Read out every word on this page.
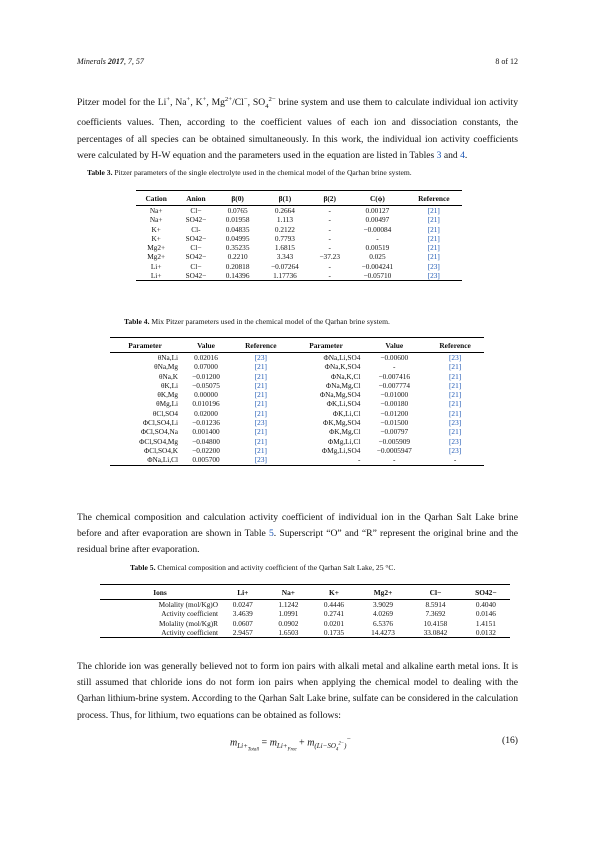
Minerals 2017, 7, 57	8 of 12
Pitzer model for the Li+, Na+, K+, $Mg^{2+}/Cl^-$, $SO_4^{2-}$ brine system and use them to calculate individual ion activity coefficients values. Then, according to the coefficient values of each ion and dissociation constants, the percentages of all species can be obtained simultaneously. In this work, the individual ion activity coefficients were calculated by H-W equation and the parameters used in the equation are listed in Tables 3 and 4.
Table 3. Pitzer parameters of the single electrolyte used in the chemical model of the Qarhan brine system.
Cation	Anion	β(0)	β(1)	β(2)	C(ϕ)	Reference
Na+	Cl−	0.0765	0.2664	-	0.00127	[21]
Na+	SO42−	0.01958	1.113	-	0.00497	[21]
K+	Cl-	0.04835	0.2122	-	−0.00084	[21]
K+	SO42−	0.04995	0.7793	-	-	[21]
Mg2+	Cl−	0.35235	1.6815	-	0.00519	[21]
Mg2+	SO42−	0.2210	3.343	−37.23	0.025	[21]
Li+	Cl−	0.20818	−0.07264	-	−0.004241	[23]
Li+	SO42−	0.14396	1.17736	-	−0.05710	[23]
Table 4. Mix Pitzer parameters used in the chemical model of the Qarhan brine system.
Parameter	Value	Reference	Parameter	Value	Reference
θNa,Li	0.02016	[23]	ΦNa,Li,SO4	−0.00600	[23]
θNa,Mg	0.07000	[21]	ΦNa,K,SO4	-	[21]
θNa,K	−0.01200	[21]	ΦNa,K,Cl	−0.007416	[21]
θK,Li	−0.05075	[21]	ΦNa,Mg,Cl	−0.007774	[21]
θK,Mg	0.00000	[21]	ΦNa,Mg,SO4	−0.01000	[21]
θMg,Li	0.010196	[21]	ΦK,Li,SO4	−0.00180	[21]
θCl,SO4	0.02000	[21]	ΦK,Li,Cl	−0.01200	[21]
ΦCl,SO4,Li	−0.01236	[23]	ΦK,Mg,SO4	−0.01500	[23]
ΦCl,SO4,Na	0.001400	[21]	ΦK,Mg,Cl	−0.00797	[21]
ΦCl,SO4,Mg	−0.04800	[21]	ΦMg,Li,Cl	−0.005909	[23]
ΦCl,SO4,K	−0.02200	[21]	ΦMg,Li,SO4	−0.0005947	[23]
ΦNa,Li,Cl	0.005700	[23]	-	-	-
The chemical composition and calculation activity coefficient of individual ion in the Qarhan Salt Lake brine before and after evaporation are shown in Table 5. Superscript “O” and “R” represent the original brine and the residual brine after evaporation.
Table 5. Chemical composition and activity coefficient of the Qarhan Salt Lake, 25 °C.
Ions	Li+	Na+	K+	Mg2+	Cl−	SO42−
Molality (mol/Kg)O	0.0247	1.1242	0.4446	3.9029	8.5914	0.4040
Activity coefficient	3.4639	1.0991	0.2741	4.0269	7.3692	0.0146
Molality (mol/Kg)R	0.0607	0.0902	0.0201	6.5376	10.4158	1.4151
Activity coefficient	2.9457	1.6503	0.1735	14.4273	33.0842	0.0132
The chloride ion was generally believed not to form ion pairs with alkali metal and alkaline earth metal ions. It is still assumed that chloride ions do not form ion pairs when applying the chemical model to dealing with the Qarhan lithium-brine system. According to the Qarhan Salt Lake brine, sulfate can be considered in the calculation process. Thus, for lithium, two equations can be obtained as follows:
$m_{Li+_{Totall}} = m_{Li+_{Free}} + m_{(Li-SO_4^{2-})}^-$	(16)
